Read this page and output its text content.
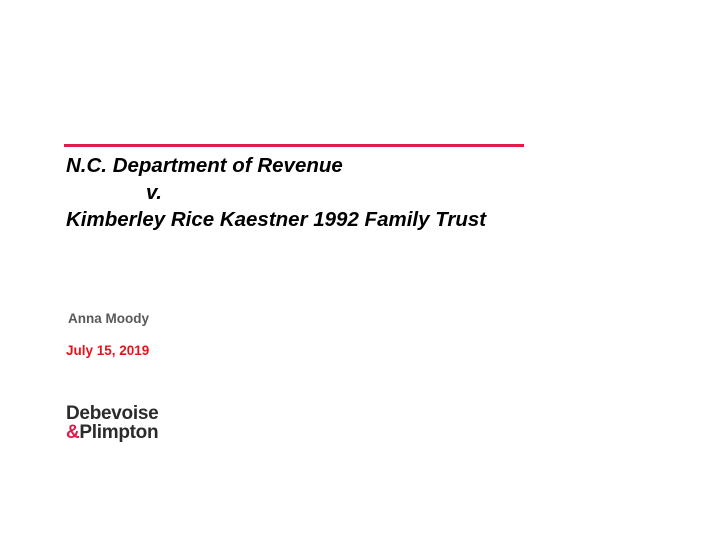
N.C. Department of Revenue
v.
Kimberley Rice Kaestner 1992 Family Trust
Anna Moody
July 15, 2019
Debevoise
&Plimpton
